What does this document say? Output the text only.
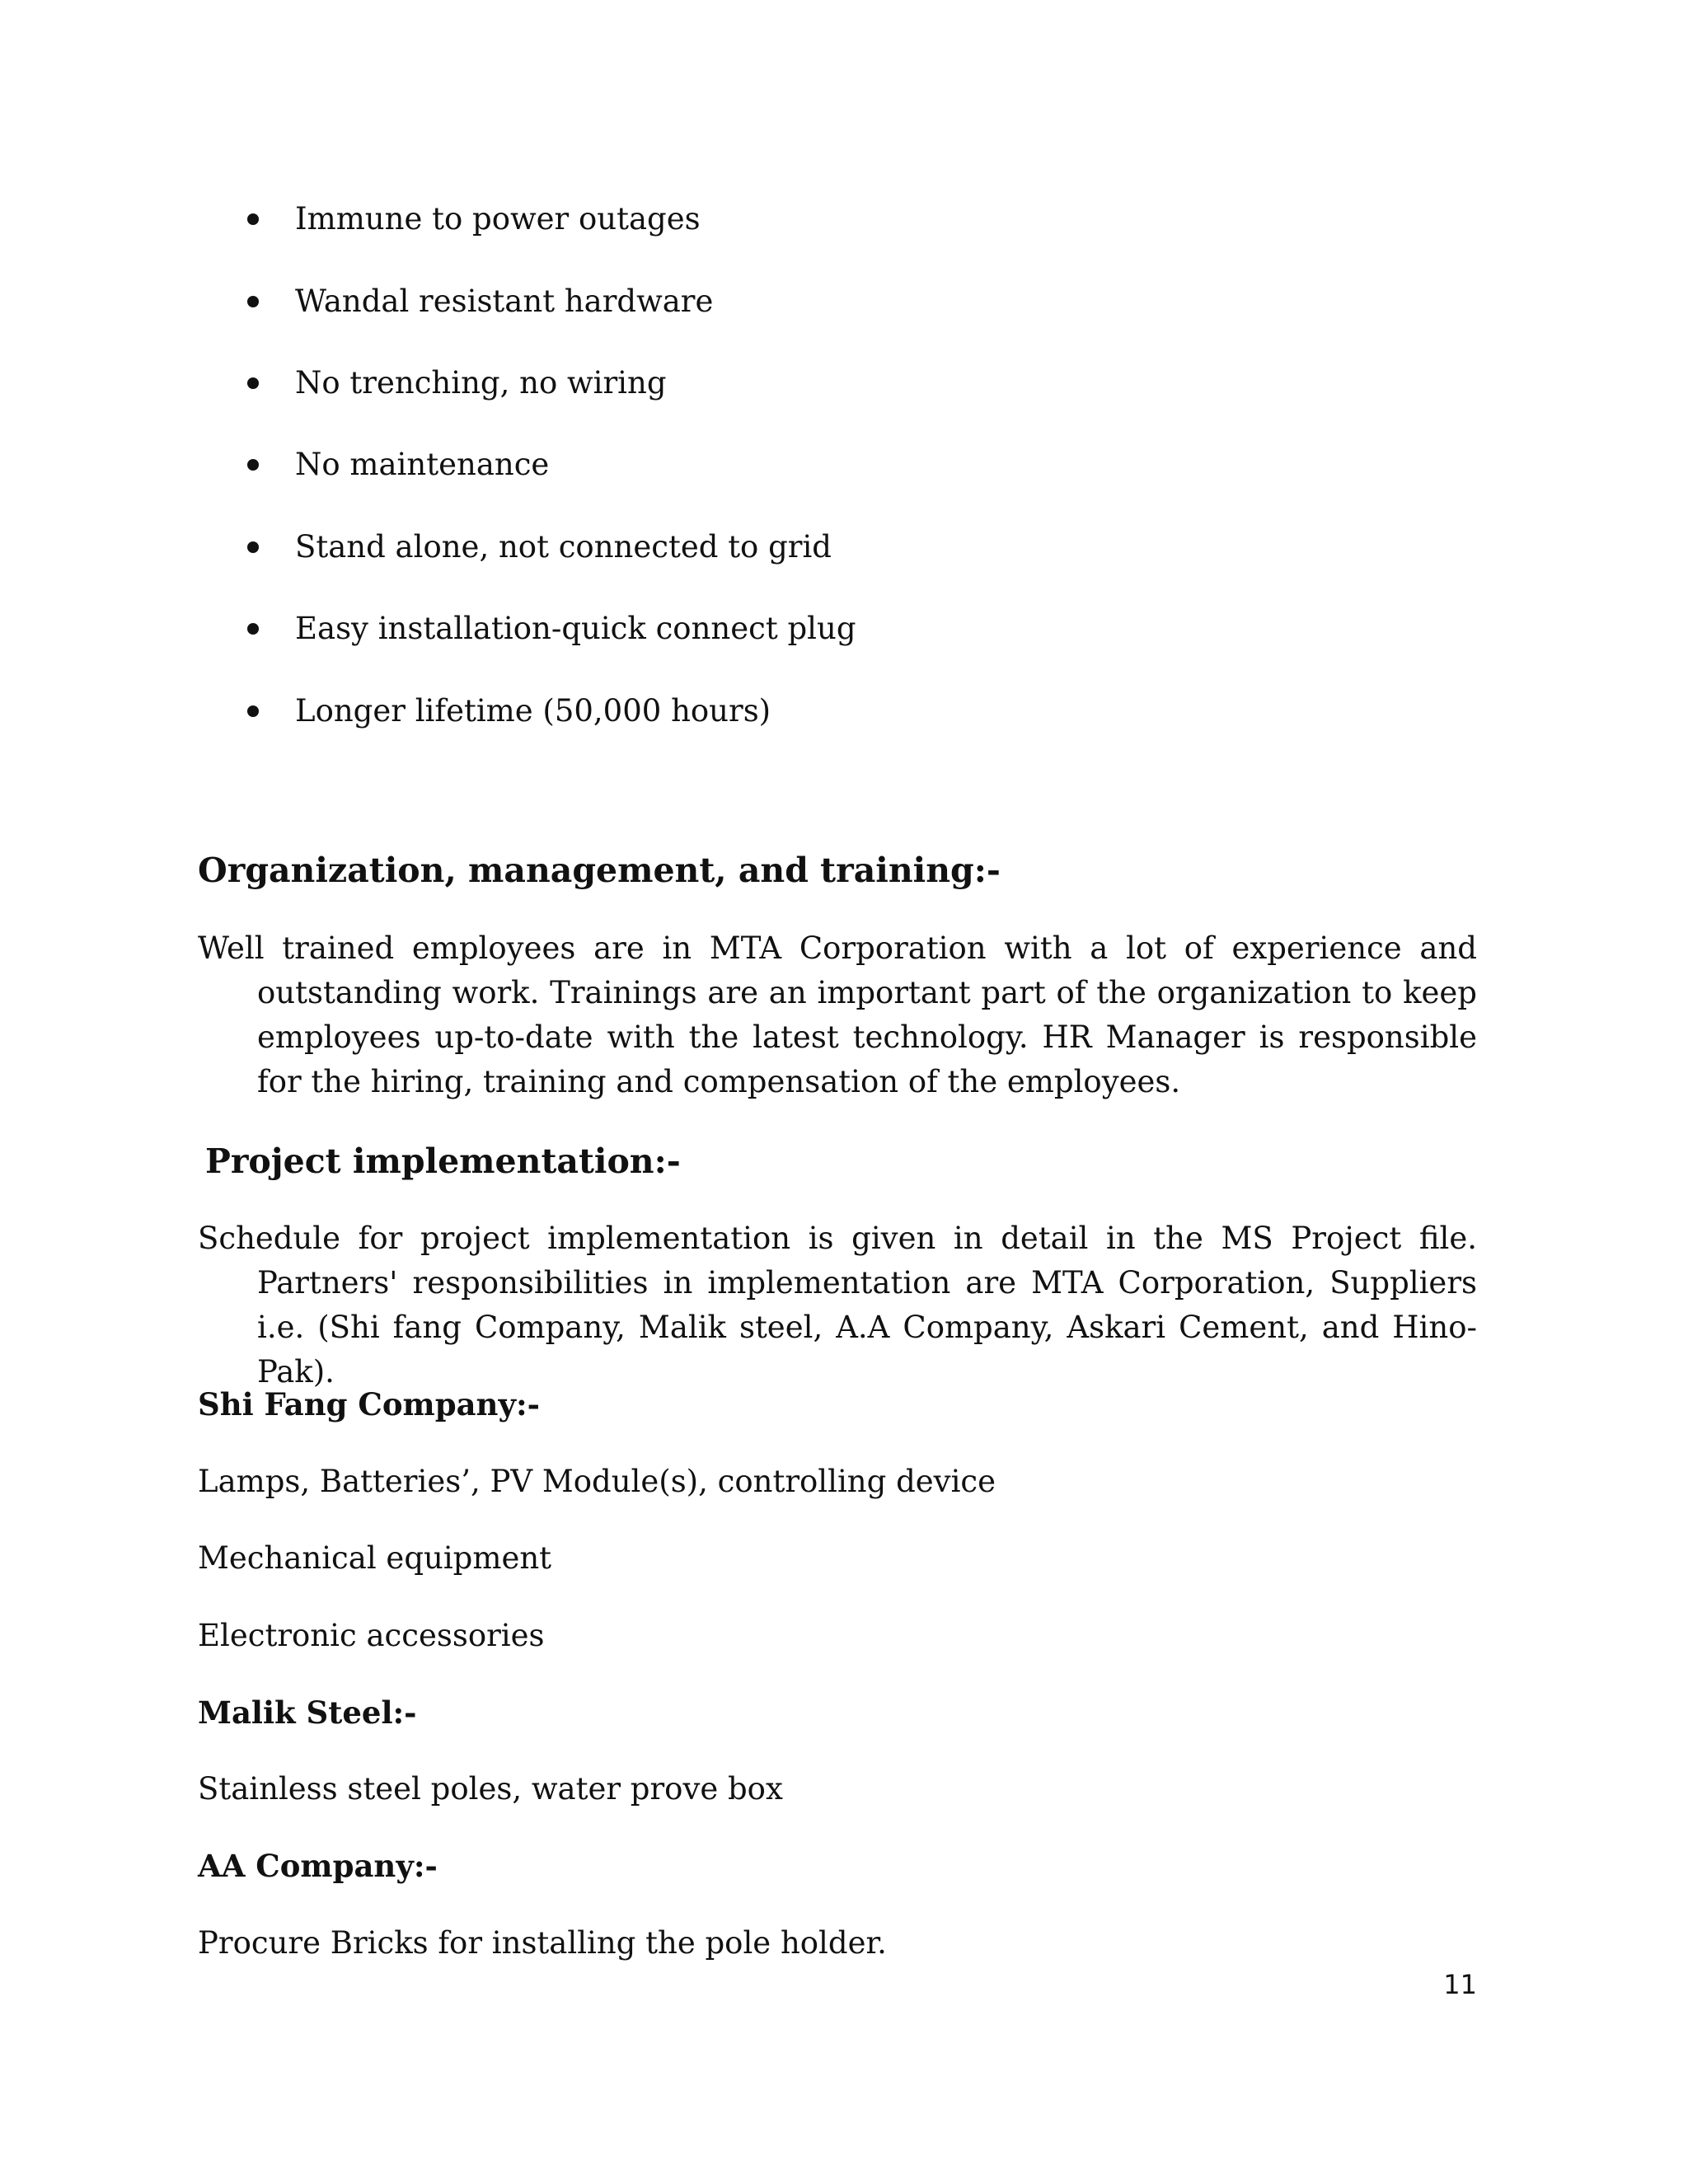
Immune to power outages
Wandal resistant hardware
No trenching, no wiring
No maintenance
Stand alone, not connected to grid
Easy installation-quick connect plug
Longer lifetime (50,000 hours)
Organization, management, and training:-

Well trained employees are in MTA Corporation with a lot of experience and outstanding work. Trainings are an important part of the organization to keep employees up-to-date with the latest technology. HR Manager is responsible for the hiring, training and compensation of the employees.

Project implementation:-

Schedule for project implementation is given in detail in the MS Project file. Partners' responsibilities in implementation are MTA Corporation, Suppliers i.e. (Shi fang Company, Malik steel, A.A Company, Askari Cement, and Hino-Pak).

Shi Fang Company:-
Lamps, Batteries’, PV Module(s), controlling device
Mechanical equipment
Electronic accessories
Malik Steel:-
Stainless steel poles, water prove box
AA Company:-
Procure Bricks for installing the pole holder.
11
